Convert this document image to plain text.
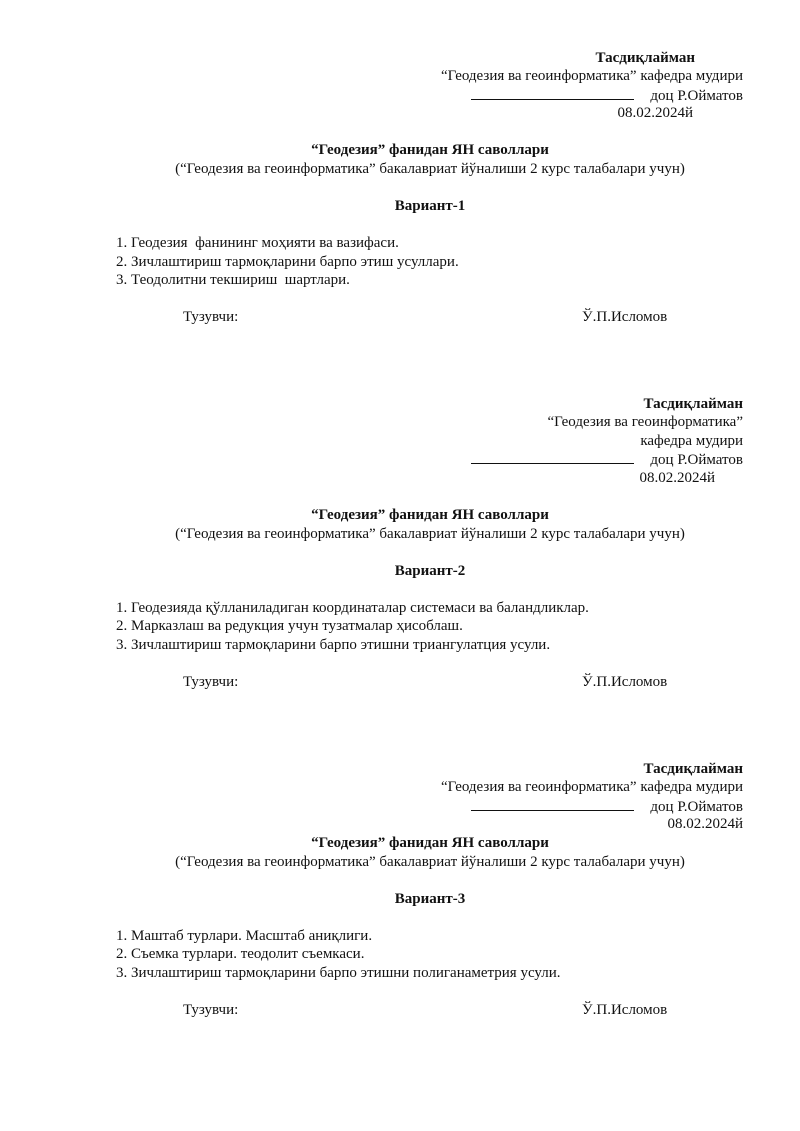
Тасдиқлайман
“Геодезия ва геоинформатика” кафедра мудири
доц Р.Ойматов
08.02.2024й
“Геодезия” фанидан ЯН саволлари
(“Геодезия ва геоинформатика” бакалавриат йўналиши 2 курс талабалари учун)
Вариант-1
1. Геодезия  фанининг моҳияти ва вазифаси.
2. Зичлаштириш тармоқларини барпо этиш усуллари.
3. Теодолитни текшириш  шартлари.
Тузувчи:	Ў.П.Исломов
Тасдиқлайман
“Геодезия ва геоинформатика”
кафедра мудири
доц Р.Ойматов
08.02.2024й
“Геодезия” фанидан ЯН саволлари
(“Геодезия ва геоинформатика” бакалавриат йўналиши 2 курс талабалари учун)
Вариант-2
1. Геодезияда қўлланиладиган координаталар системаси ва баландликлар.
2. Марказлаш ва редукция учун тузатмалар ҳисоблаш.
3. Зичлаштириш тармоқларини барпо этишни триангулатция усули.
Тузувчи:	Ў.П.Исломов
Тасдиқлайман
“Геодезия ва геоинформатика” кафедра мудири
доц Р.Ойматов
08.02.2024й
“Геодезия” фанидан ЯН саволлари
(“Геодезия ва геоинформатика” бакалавриат йўналиши 2 курс талабалари учун)
Вариант-3
1. Маштаб турлари. Масштаб аниқлиги.
2. Съемка турлари. теодолит съемкаси.
3. Зичлаштириш тармоқларини барпо этишни полиганаметрия усули.
Тузувчи:	Ў.П.Исломов
